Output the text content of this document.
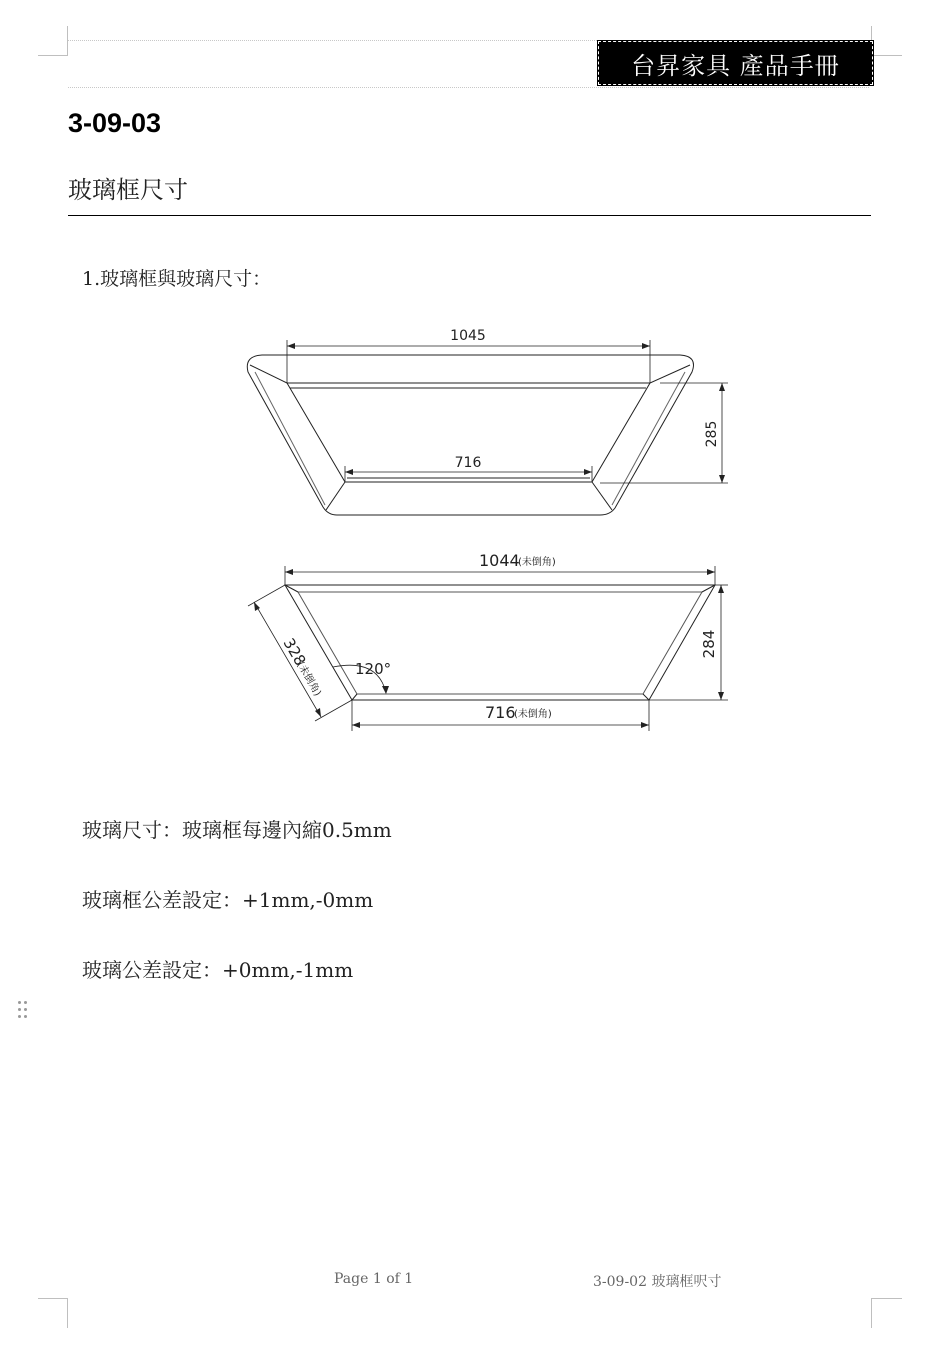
台昇家具 產品手冊
3-09-03
玻璃框尺寸
1.玻璃框與玻璃尺寸：
1045
716
285
1044
(未倒角)
716
(未倒角)
284
120°
328
(未倒角)
玻璃尺寸：玻璃框每邊內縮0.5mm
玻璃框公差設定：+1mm,-0mm
玻璃公差設定：+0mm,-1mm
Page 1 of 1	3-09-02 玻璃框呎寸
